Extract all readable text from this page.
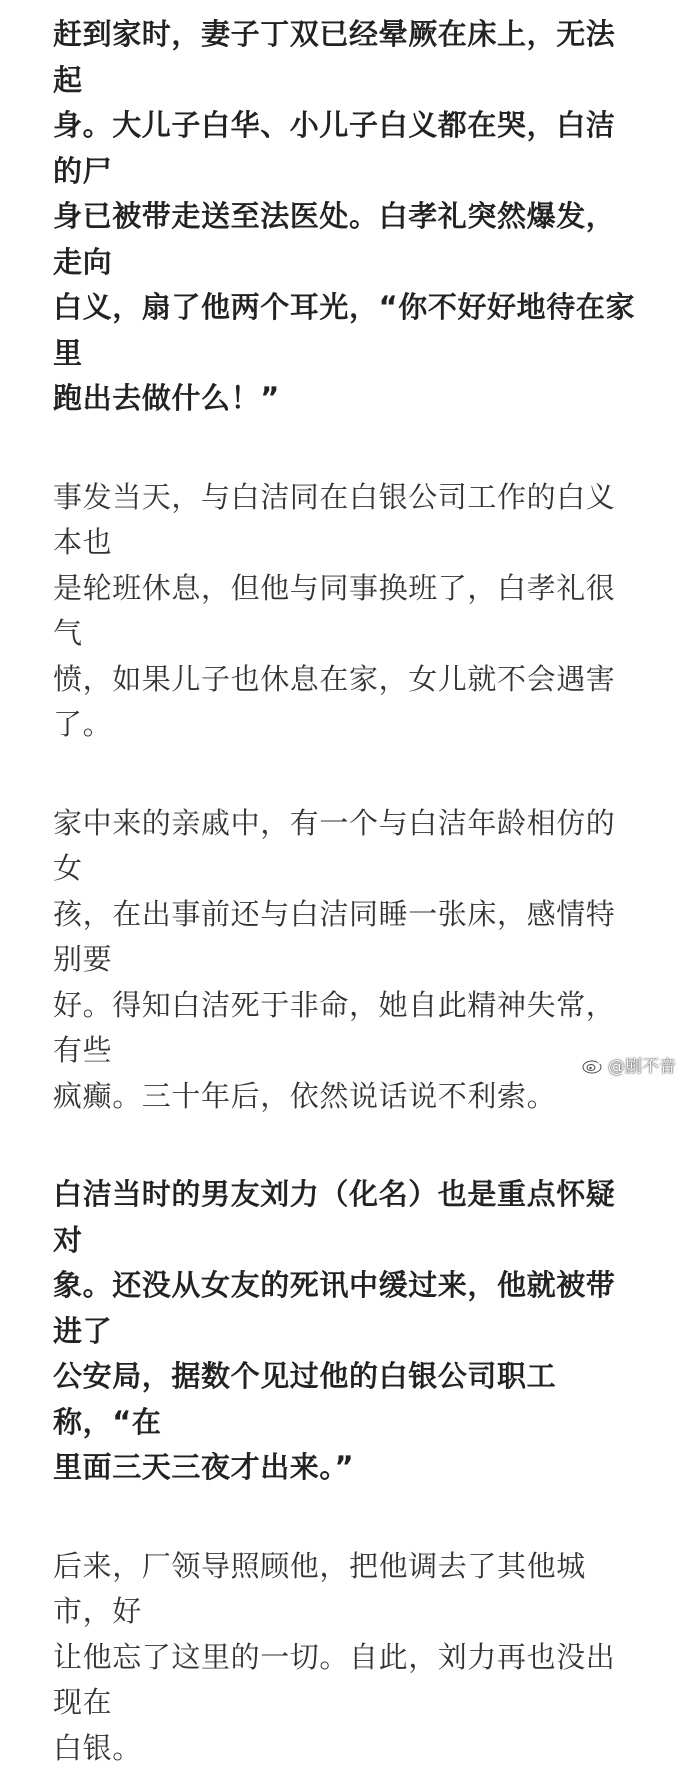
赶到家时，妻子丁双已经晕厥在床上，无法起
身。大儿子白华、小儿子白义都在哭，白洁的尸
身已被带走送至法医处。白孝礼突然爆发，走向
白义，扇了他两个耳光，“你不好好地待在家里
跑出去做什么！”

事发当天，与白洁同在白银公司工作的白义本也
是轮班休息，但他与同事换班了，白孝礼很气
愤，如果儿子也休息在家，女儿就不会遇害了。

家中来的亲戚中，有一个与白洁年龄相仿的女
孩，在出事前还与白洁同睡一张床，感情特别要
好。得知白洁死于非命，她自此精神失常，有些
疯癫。三十年后，依然说话说不利索。

白洁当时的男友刘力（化名）也是重点怀疑对
象。还没从女友的死讯中缓过来，他就被带进了
公安局，据数个见过他的白银公司职工称，“在
里面三天三夜才出来。”

后来，厂领导照顾他，把他调去了其他城市，好
让他忘了这里的一切。自此，刘力再也没出现在
白银。

@剧不音
